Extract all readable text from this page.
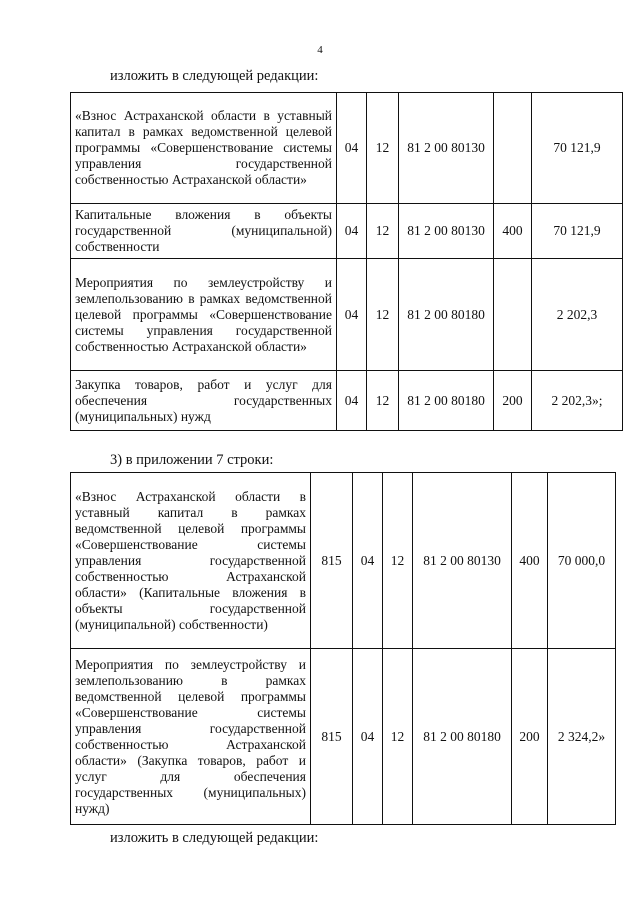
4
изложить в следующей редакции:
«Взнос Астраханской области в уставный капитал в рамках ведомственной целевой программы «Совершенствование системы управления государственной собственностью Астраханской области»	04	12	81 2 00 80130		70 121,9
Капитальные вложения в объекты государственной (муниципальной) собственности	04	12	81 2 00 80130	400	70 121,9
Мероприятия по землеустройству и землепользованию в рамках ведомственной целевой программы «Совершенствование системы управления государственной собственностью Астраханской области»	04	12	81 2 00 80180		2 202,3
Закупка товаров, работ и услуг для обеспечения государственных (муниципальных) нужд	04	12	81 2 00 80180	200	2 202,3»;
3) в приложении 7 строки:
«Взнос Астраханской области в уставный капитал в рамках ведомственной целевой программы «Совершенствование системы управления государственной собственностью Астраханской области» (Капитальные вложения в объекты государственной (муниципальной) собственности)	815	04	12	81 2 00 80130	400	70 000,0
Мероприятия по землеустройству и землепользованию в рамках ведомственной целевой программы «Совершенствование системы управления государственной собственностью Астраханской области» (Закупка товаров, работ и услуг для обеспечения государственных (муниципальных) нужд)	815	04	12	81 2 00 80180	200	2 324,2»
изложить в следующей редакции:
